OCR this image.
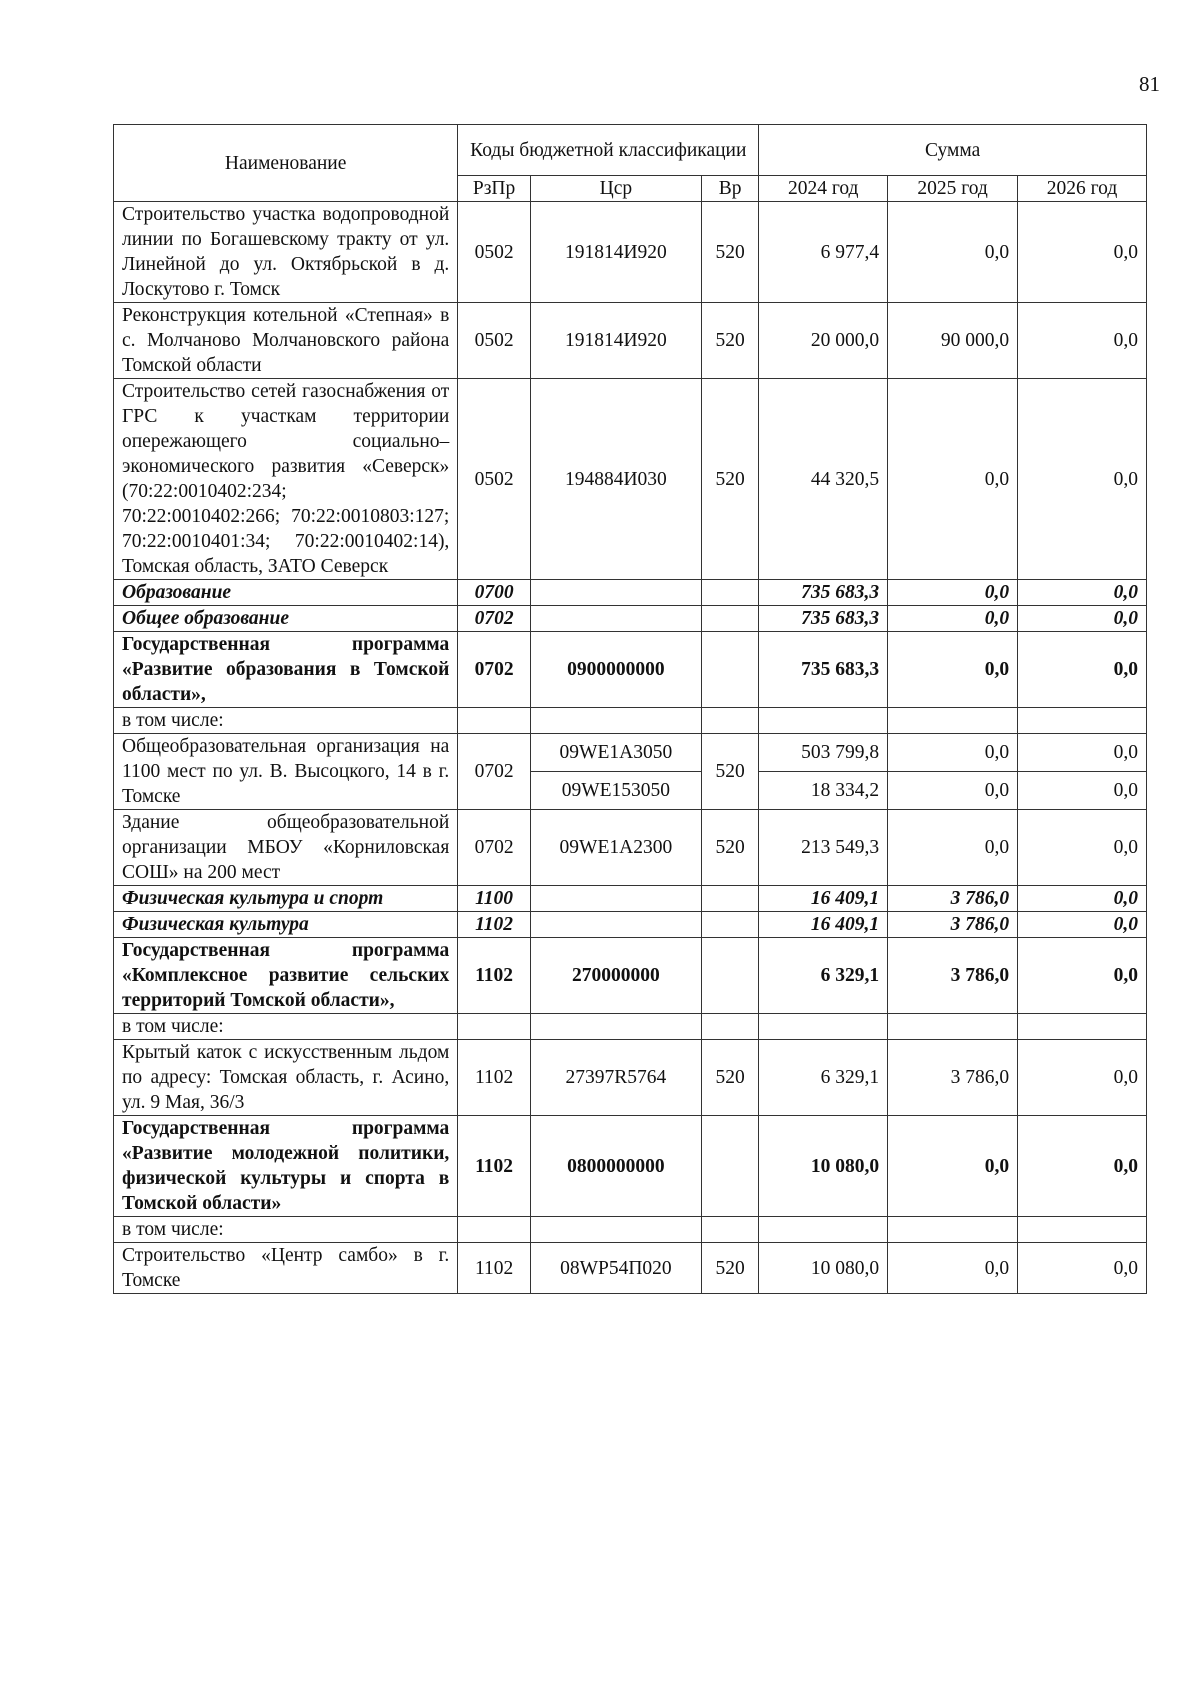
81
Наименование	Коды бюджетной классификации			Сумма		
	РзПр	Цср	Вр	2024 год	2025 год	2026 год
Строительство участка водопроводной линии по Богашевскому тракту от ул. Линейной до ул. Октябрьской в д. Лоскутово г. Томск	0502	191814И920	520	6 977,4	0,0	0,0
Реконструкция котельной «Степная» в с. Молчаново Молчановского района Томской области	0502	191814И920	520	20 000,0	90 000,0	0,0
Строительство сетей газоснабжения от ГРС к участкам территории опережающего социально–экономического развития «Северск» (70:22:0010402:234; 70:22:0010402:266; 70:22:0010803:127; 70:22:0010401:34; 70:22:0010402:14), Томская область, ЗАТО Северск	0502	194884И030	520	44 320,5	0,0	0,0
Образование	0700			735 683,3	0,0	0,0
Общее образование	0702			735 683,3	0,0	0,0
Государственная программа «Развитие образования в Томской области»,	0702	0900000000		735 683,3	0,0	0,0
в том числе:						
Общеобразовательная организация на 1100 мест по ул. В. Высоцкого, 14 в г. Томске	0702	09WE1A3050	520	503 799,8	0,0	0,0
		09WE153050		18 334,2	0,0	0,0
Здание общеобразовательной организации МБОУ «Корниловская СОШ» на 200 мест	0702	09WE1A2300	520	213 549,3	0,0	0,0
Физическая культура и спорт	1100			16 409,1	3 786,0	0,0
Физическая культура	1102			16 409,1	3 786,0	0,0
Государственная программа «Комплексное развитие сельских территорий Томской области»,	1102	270000000		6 329,1	3 786,0	0,0
в том числе:						
Крытый каток с искусственным льдом по адресу: Томская область, г. Асино, ул. 9 Мая, 36/3	1102	27397R5764	520	6 329,1	3 786,0	0,0
Государственная программа «Развитие молодежной политики, физической культуры и спорта в Томской области»	1102	0800000000		10 080,0	0,0	0,0
в том числе:						
Строительство «Центр самбо» в г. Томске	1102	08WP54П020	520	10 080,0	0,0	0,0
